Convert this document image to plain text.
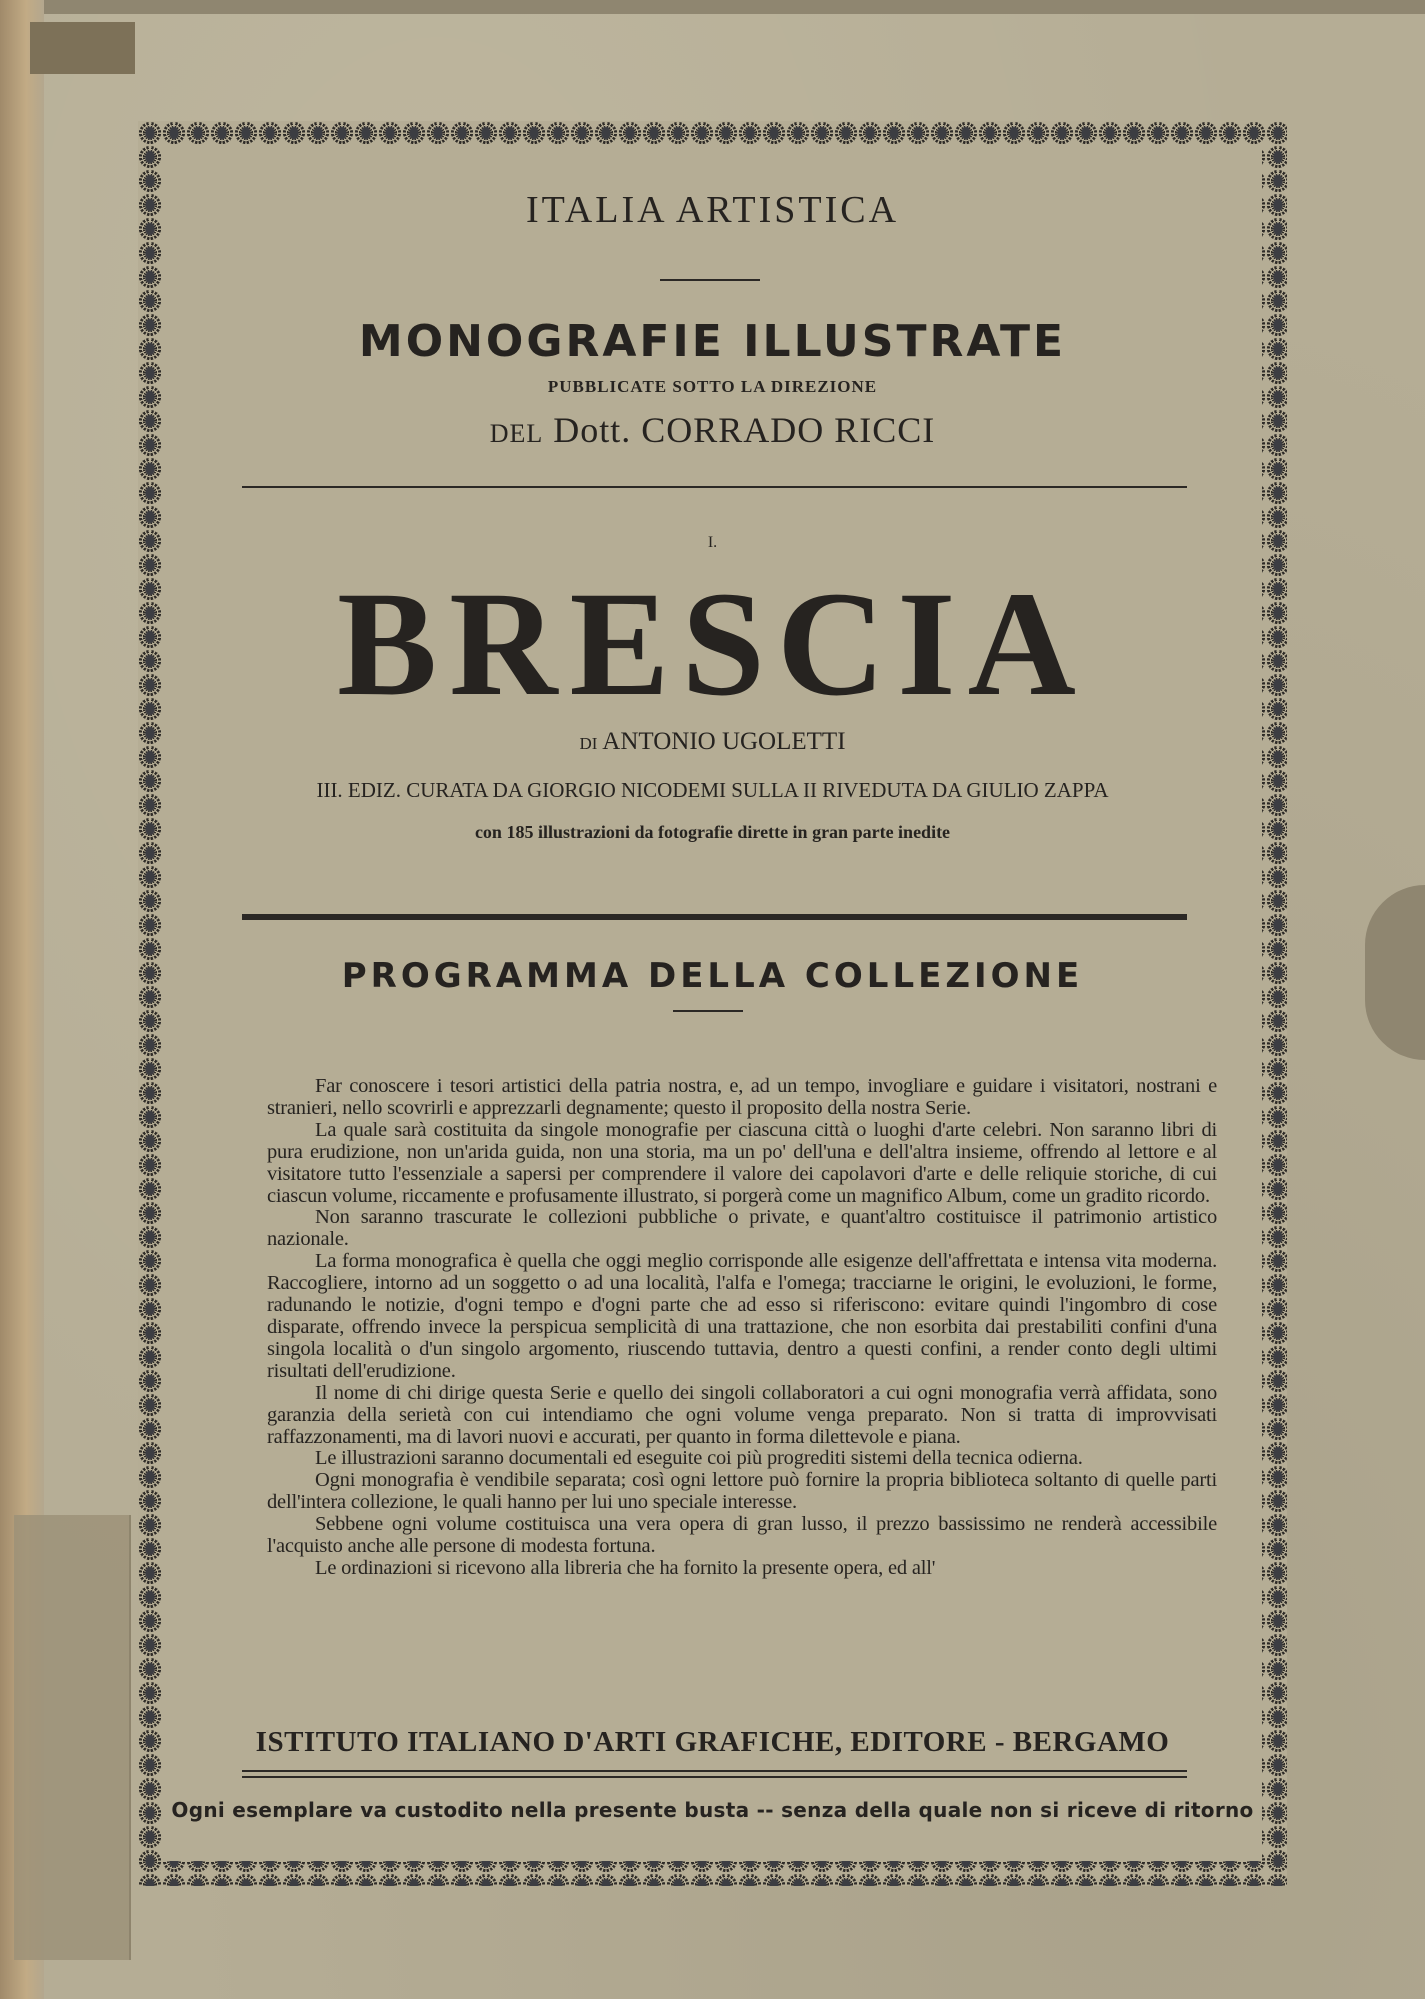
ITALIA ARTISTICA
MONOGRAFIE ILLUSTRATE
PUBBLICATE SOTTO LA DIREZIONE
DEL Dott. CORRADO RICCI
I.
BRESCIA
DI ANTONIO UGOLETTI
III. EDIZ. CURATA DA GIORGIO NICODEMI SULLA II RIVEDUTA DA GIULIO ZAPPA
con 185 illustrazioni da fotografie dirette in gran parte inedite
PROGRAMMA DELLA COLLEZIONE

Far conoscere i tesori artistici della patria nostra, e, ad un tempo, invogliare e guidare i visitatori, nostrani e stranieri, nello scovrirli e apprezzarli degnamente; questo il proposito della nostra Serie.

La quale sarà costituita da singole monografie per ciascuna città o luoghi d'arte celebri. Non saranno libri di pura erudizione, non un'arida guida, non una storia, ma un po' dell'una e dell'altra insieme, offrendo al lettore e al visitatore tutto l'essenziale a sapersi per comprendere il valore dei capolavori d'arte e delle reliquie storiche, di cui ciascun volume, riccamente e profusamente illustrato, si porgerà come un magnifico Album, come un gradito ricordo.

Non saranno trascurate le collezioni pubbliche o private, e quant'altro costituisce il patrimonio artistico nazionale.

La forma monografica è quella che oggi meglio corrisponde alle esigenze dell'affrettata e intensa vita moderna. Raccogliere, intorno ad un soggetto o ad una località, l'alfa e l'omega; tracciarne le origini, le evoluzioni, le forme, radunando le notizie, d'ogni tempo e d'ogni parte che ad esso si riferiscono: evitare quindi l'ingombro di cose disparate, offrendo invece la perspicua semplicità di una trattazione, che non esorbita dai prestabiliti confini d'una singola località o d'un singolo argomento, riuscendo tuttavia, dentro a questi confini, a render conto degli ultimi risultati dell'erudizione.

Il nome di chi dirige questa Serie e quello dei singoli collaboratori a cui ogni monografia verrà affidata, sono garanzia della serietà con cui intendiamo che ogni volume venga preparato. Non si tratta di improvvisati raffazzonamenti, ma di lavori nuovi e accurati, per quanto in forma dilettevole e piana.

Le illustrazioni saranno documentali ed eseguite coi più progrediti sistemi della tecnica odierna.

Ogni monografia è vendibile separata; così ogni lettore può fornire la propria biblioteca soltanto di quelle parti dell'intera collezione, le quali hanno per lui uno speciale interesse.

Sebbene ogni volume costituisca una vera opera di gran lusso, il prezzo bassissimo ne renderà accessibile l'acquisto anche alle persone di modesta fortuna.

Le ordinazioni si ricevono alla libreria che ha fornito la presente opera, ed all'

ISTITUTO ITALIANO D'ARTI GRAFICHE, EDITORE - BERGAMO
Ogni esemplare va custodito nella presente busta -- senza della quale non si riceve di ritorno
